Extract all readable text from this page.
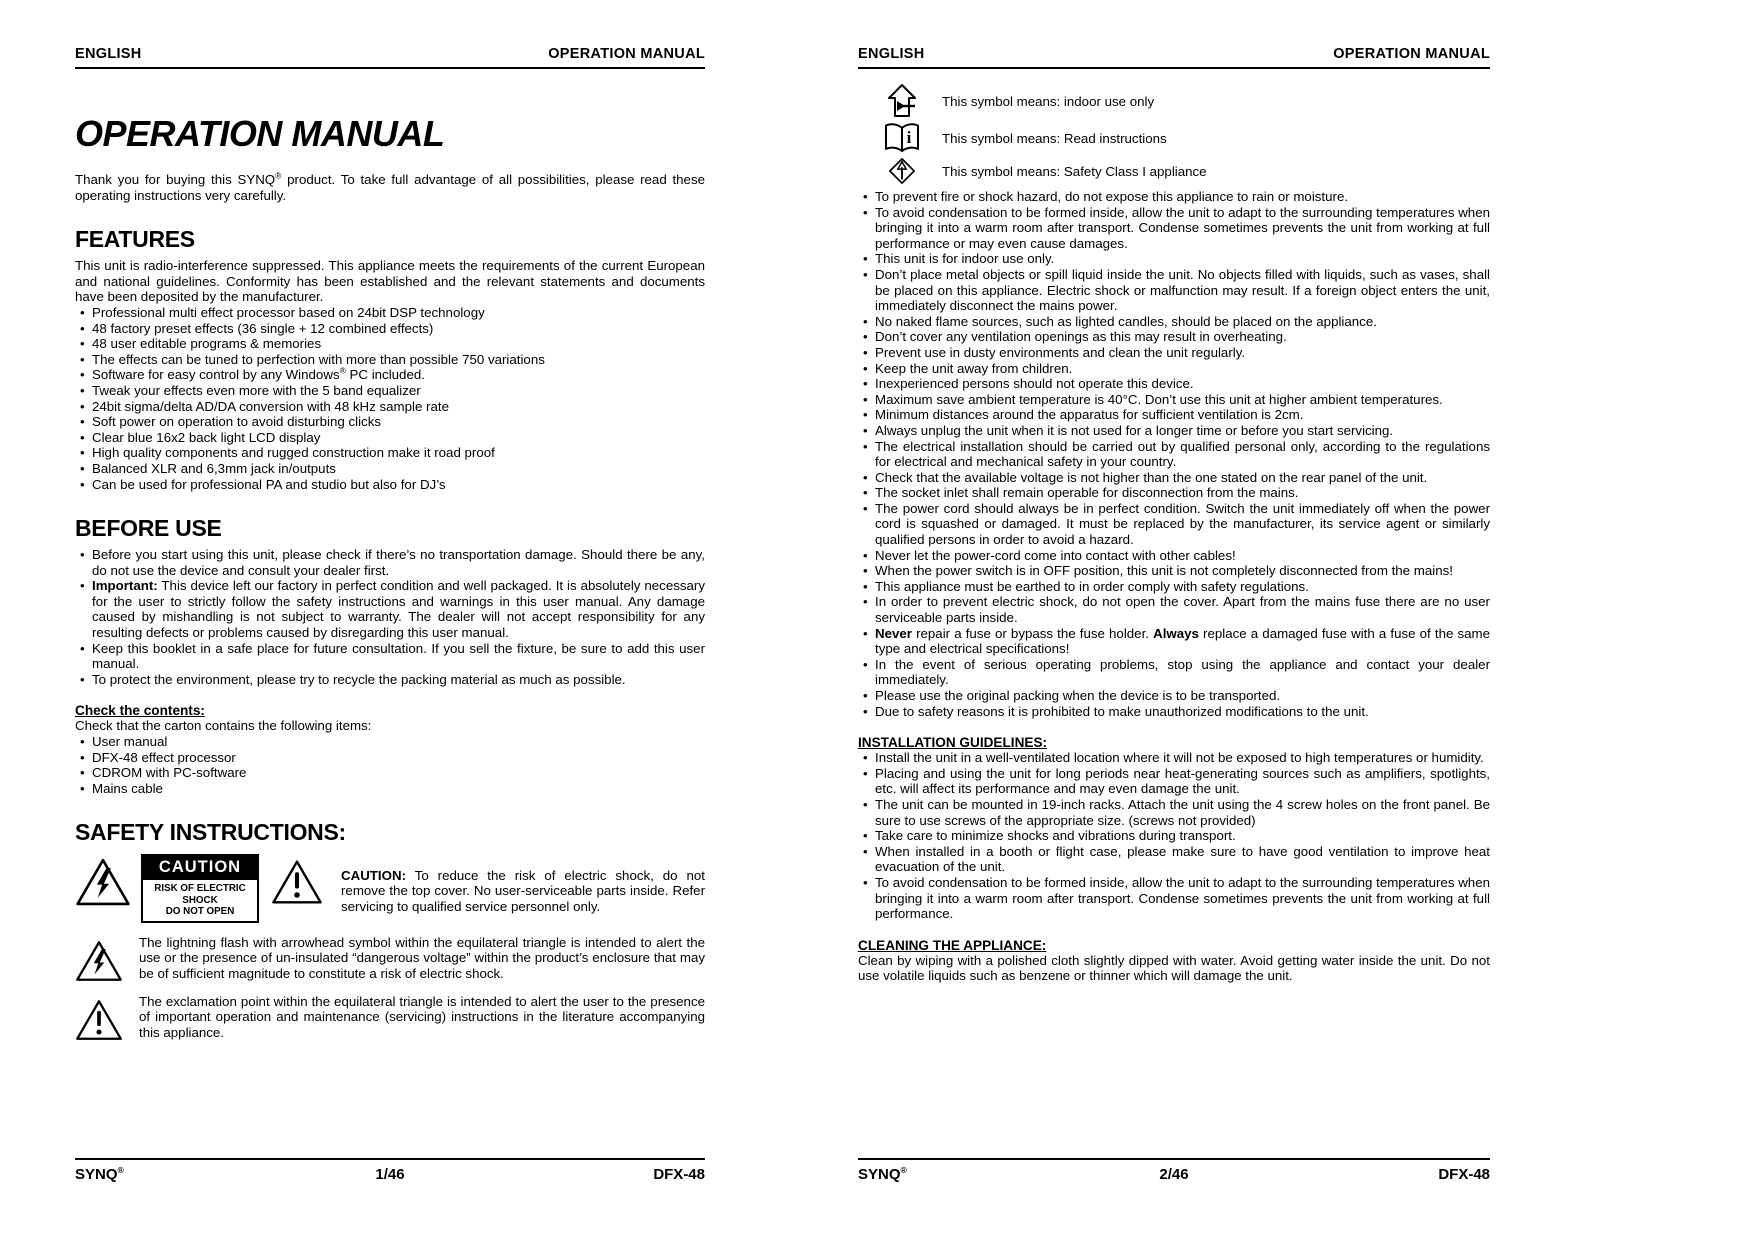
ENGLISH	OPERATION MANUAL
OPERATION MANUAL

Thank you for buying this SYNQ® product. To take full advantage of all possibilities, please read these operating instructions very carefully.

FEATURES

This unit is radio-interference suppressed. This appliance meets the requirements of the current European and national guidelines. Conformity has been established and the relevant statements and documents have been deposited by the manufacturer.

• Professional multi effect processor based on 24bit DSP technology
• 48 factory preset effects (36 single + 12 combined effects)
• 48 user editable programs & memories
• The effects can be tuned to perfection with more than possible 750 variations
• Software for easy control by any Windows® PC included.
• Tweak your effects even more with the 5 band equalizer
• 24bit sigma/delta AD/DA conversion with 48 kHz sample rate
• Soft power on operation to avoid disturbing clicks
• Clear blue 16x2 back light LCD display
• High quality components and rugged construction make it road proof
• Balanced XLR and 6,3mm jack in/outputs
• Can be used for professional PA and studio but also for DJ’s
BEFORE USE
• Before you start using this unit, please check if there’s no transportation damage. Should there be any, do not use the device and consult your dealer first.
• Important: This device left our factory in perfect condition and well packaged. It is absolutely necessary for the user to strictly follow the safety instructions and warnings in this user manual. Any damage caused by mishandling is not subject to warranty. The dealer will not accept responsibility for any resulting defects or problems caused by disregarding this user manual.
• Keep this booklet in a safe place for future consultation. If you sell the fixture, be sure to add this user manual.
• To protect the environment, please try to recycle the packing material as much as possible.

Check the contents:

Check that the carton contains the following items:

• User manual
• DFX-48 effect processor
• CDROM with PC-software
• Mains cable
SAFETY INSTRUCTIONS:
CAUTION
RISK OF ELECTRIC SHOCK
DO NOT OPEN

CAUTION: To reduce the risk of electric shock, do not remove the top cover. No user-serviceable parts inside. Refer servicing to qualified service personnel only.

The lightning flash with arrowhead symbol within the equilateral triangle is intended to alert the use or the presence of un-insulated “dangerous voltage” within the product’s enclosure that may be of sufficient magnitude to constitute a risk of electric shock.

The exclamation point within the equilateral triangle is intended to alert the user to the presence of important operation and maintenance (servicing) instructions in the literature accompanying this appliance.

SYNQ®	1/46	DFX-48
ENGLISH	OPERATION MANUAL
This symbol means: indoor use only
i This symbol means: Read instructions
This symbol means: Safety Class I appliance
• To prevent fire or shock hazard, do not expose this appliance to rain or moisture.
• To avoid condensation to be formed inside, allow the unit to adapt to the surrounding temperatures when bringing it into a warm room after transport. Condense sometimes prevents the unit from working at full performance or may even cause damages.
• This unit is for indoor use only.
• Don’t place metal objects or spill liquid inside the unit. No objects filled with liquids, such as vases, shall be placed on this appliance. Electric shock or malfunction may result. If a foreign object enters the unit, immediately disconnect the mains power.
• No naked flame sources, such as lighted candles, should be placed on the appliance.
• Don’t cover any ventilation openings as this may result in overheating.
• Prevent use in dusty environments and clean the unit regularly.
• Keep the unit away from children.
• Inexperienced persons should not operate this device.
• Maximum save ambient temperature is 40°C. Don’t use this unit at higher ambient temperatures.
• Minimum distances around the apparatus for sufficient ventilation is 2cm.
• Always unplug the unit when it is not used for a longer time or before you start servicing.
• The electrical installation should be carried out by qualified personal only, according to the regulations for electrical and mechanical safety in your country.
• Check that the available voltage is not higher than the one stated on the rear panel of the unit.
• The socket inlet shall remain operable for disconnection from the mains.
• The power cord should always be in perfect condition. Switch the unit immediately off when the power cord is squashed or damaged. It must be replaced by the manufacturer, its service agent or similarly qualified persons in order to avoid a hazard.
• Never let the power-cord come into contact with other cables!
• When the power switch is in OFF position, this unit is not completely disconnected from the mains!
• This appliance must be earthed to in order comply with safety regulations.
• In order to prevent electric shock, do not open the cover. Apart from the mains fuse there are no user serviceable parts inside.
• Never repair a fuse or bypass the fuse holder. Always replace a damaged fuse with a fuse of the same type and electrical specifications!
• In the event of serious operating problems, stop using the appliance and contact your dealer immediately.
• Please use the original packing when the device is to be transported.
• Due to safety reasons it is prohibited to make unauthorized modifications to the unit.

INSTALLATION GUIDELINES:

• Install the unit in a well-ventilated location where it will not be exposed to high temperatures or humidity.
• Placing and using the unit for long periods near heat-generating sources such as amplifiers, spotlights, etc. will affect its performance and may even damage the unit.
• The unit can be mounted in 19-inch racks. Attach the unit using the 4 screw holes on the front panel. Be sure to use screws of the appropriate size. (screws not provided)
• Take care to minimize shocks and vibrations during transport.
• When installed in a booth or flight case, please make sure to have good ventilation to improve heat evacuation of the unit.
• To avoid condensation to be formed inside, allow the unit to adapt to the surrounding temperatures when bringing it into a warm room after transport. Condense sometimes prevents the unit from working at full performance.

CLEANING THE APPLIANCE:

Clean by wiping with a polished cloth slightly dipped with water. Avoid getting water inside the unit. Do not use volatile liquids such as benzene or thinner which will damage the unit.

SYNQ®	2/46	DFX-48
